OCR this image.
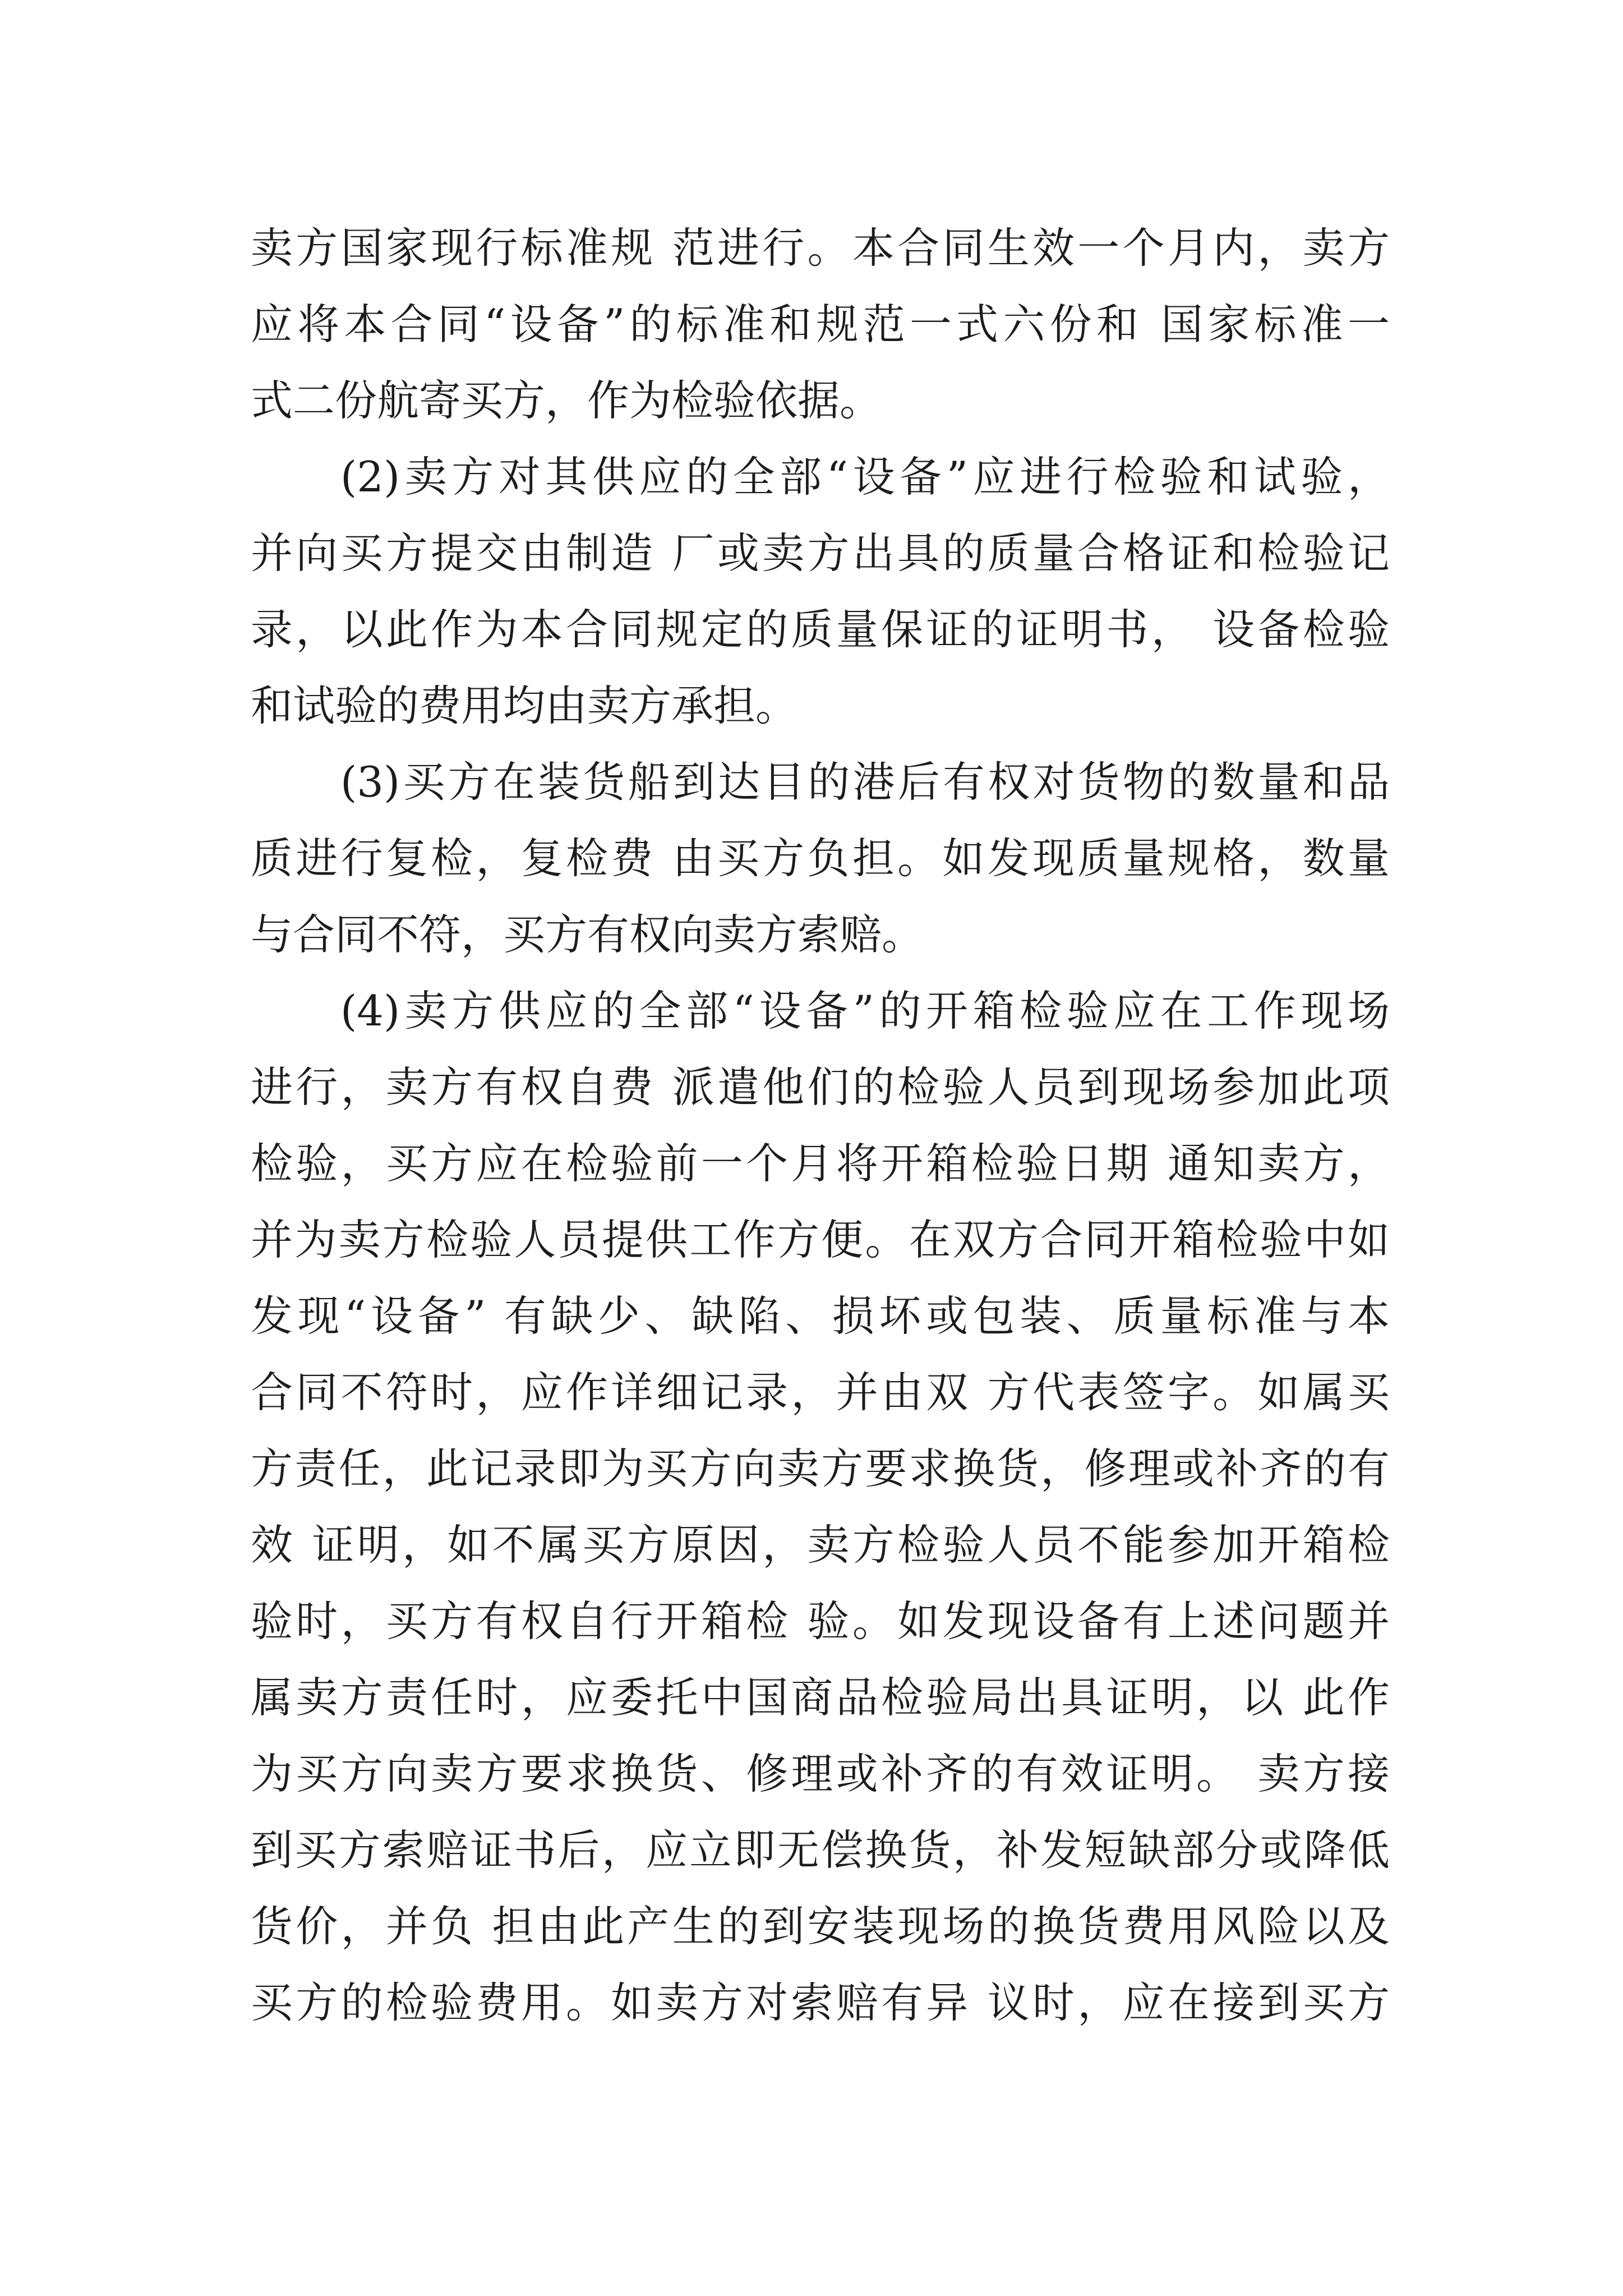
卖方国家现行标准规 范进行。本合同生效一个月内，卖方
应将本合同“设备”的标准和规范一式六份和 国家标准一
式二份航寄买方，作为检验依据。
(2)卖方对其供应的全部“设备”应进行检验和试验，
并向买方提交由制造 厂或卖方出具的质量合格证和检验记
录，以此作为本合同规定的质量保证的证明书， 设备检验
和试验的费用均由卖方承担。
(3)买方在装货船到达目的港后有权对货物的数量和品
质进行复检，复检费 由买方负担。如发现质量规格，数量
与合同不符，买方有权向卖方索赔。
(4)卖方供应的全部“设备”的开箱检验应在工作现场
进行，卖方有权自费 派遣他们的检验人员到现场参加此项
检验，买方应在检验前一个月将开箱检验日期 通知卖方，
并为卖方检验人员提供工作方便。在双方合同开箱检验中如
发现“设备” 有缺少、缺陷、损坏或包装、质量标准与本
合同不符时，应作详细记录，并由双 方代表签字。如属买
方责任，此记录即为买方向卖方要求换货，修理或补齐的有
效 证明，如不属买方原因，卖方检验人员不能参加开箱检
验时，买方有权自行开箱检 验。如发现设备有上述问题并
属卖方责任时，应委托中国商品检验局出具证明，以 此作
为买方向卖方要求换货、修理或补齐的有效证明。 卖方接
到买方索赔证书后，应立即无偿换货，补发短缺部分或降低
货价，并负 担由此产生的到安装现场的换货费用风险以及
买方的检验费用。如卖方对索赔有异 议时，应在接到买方
